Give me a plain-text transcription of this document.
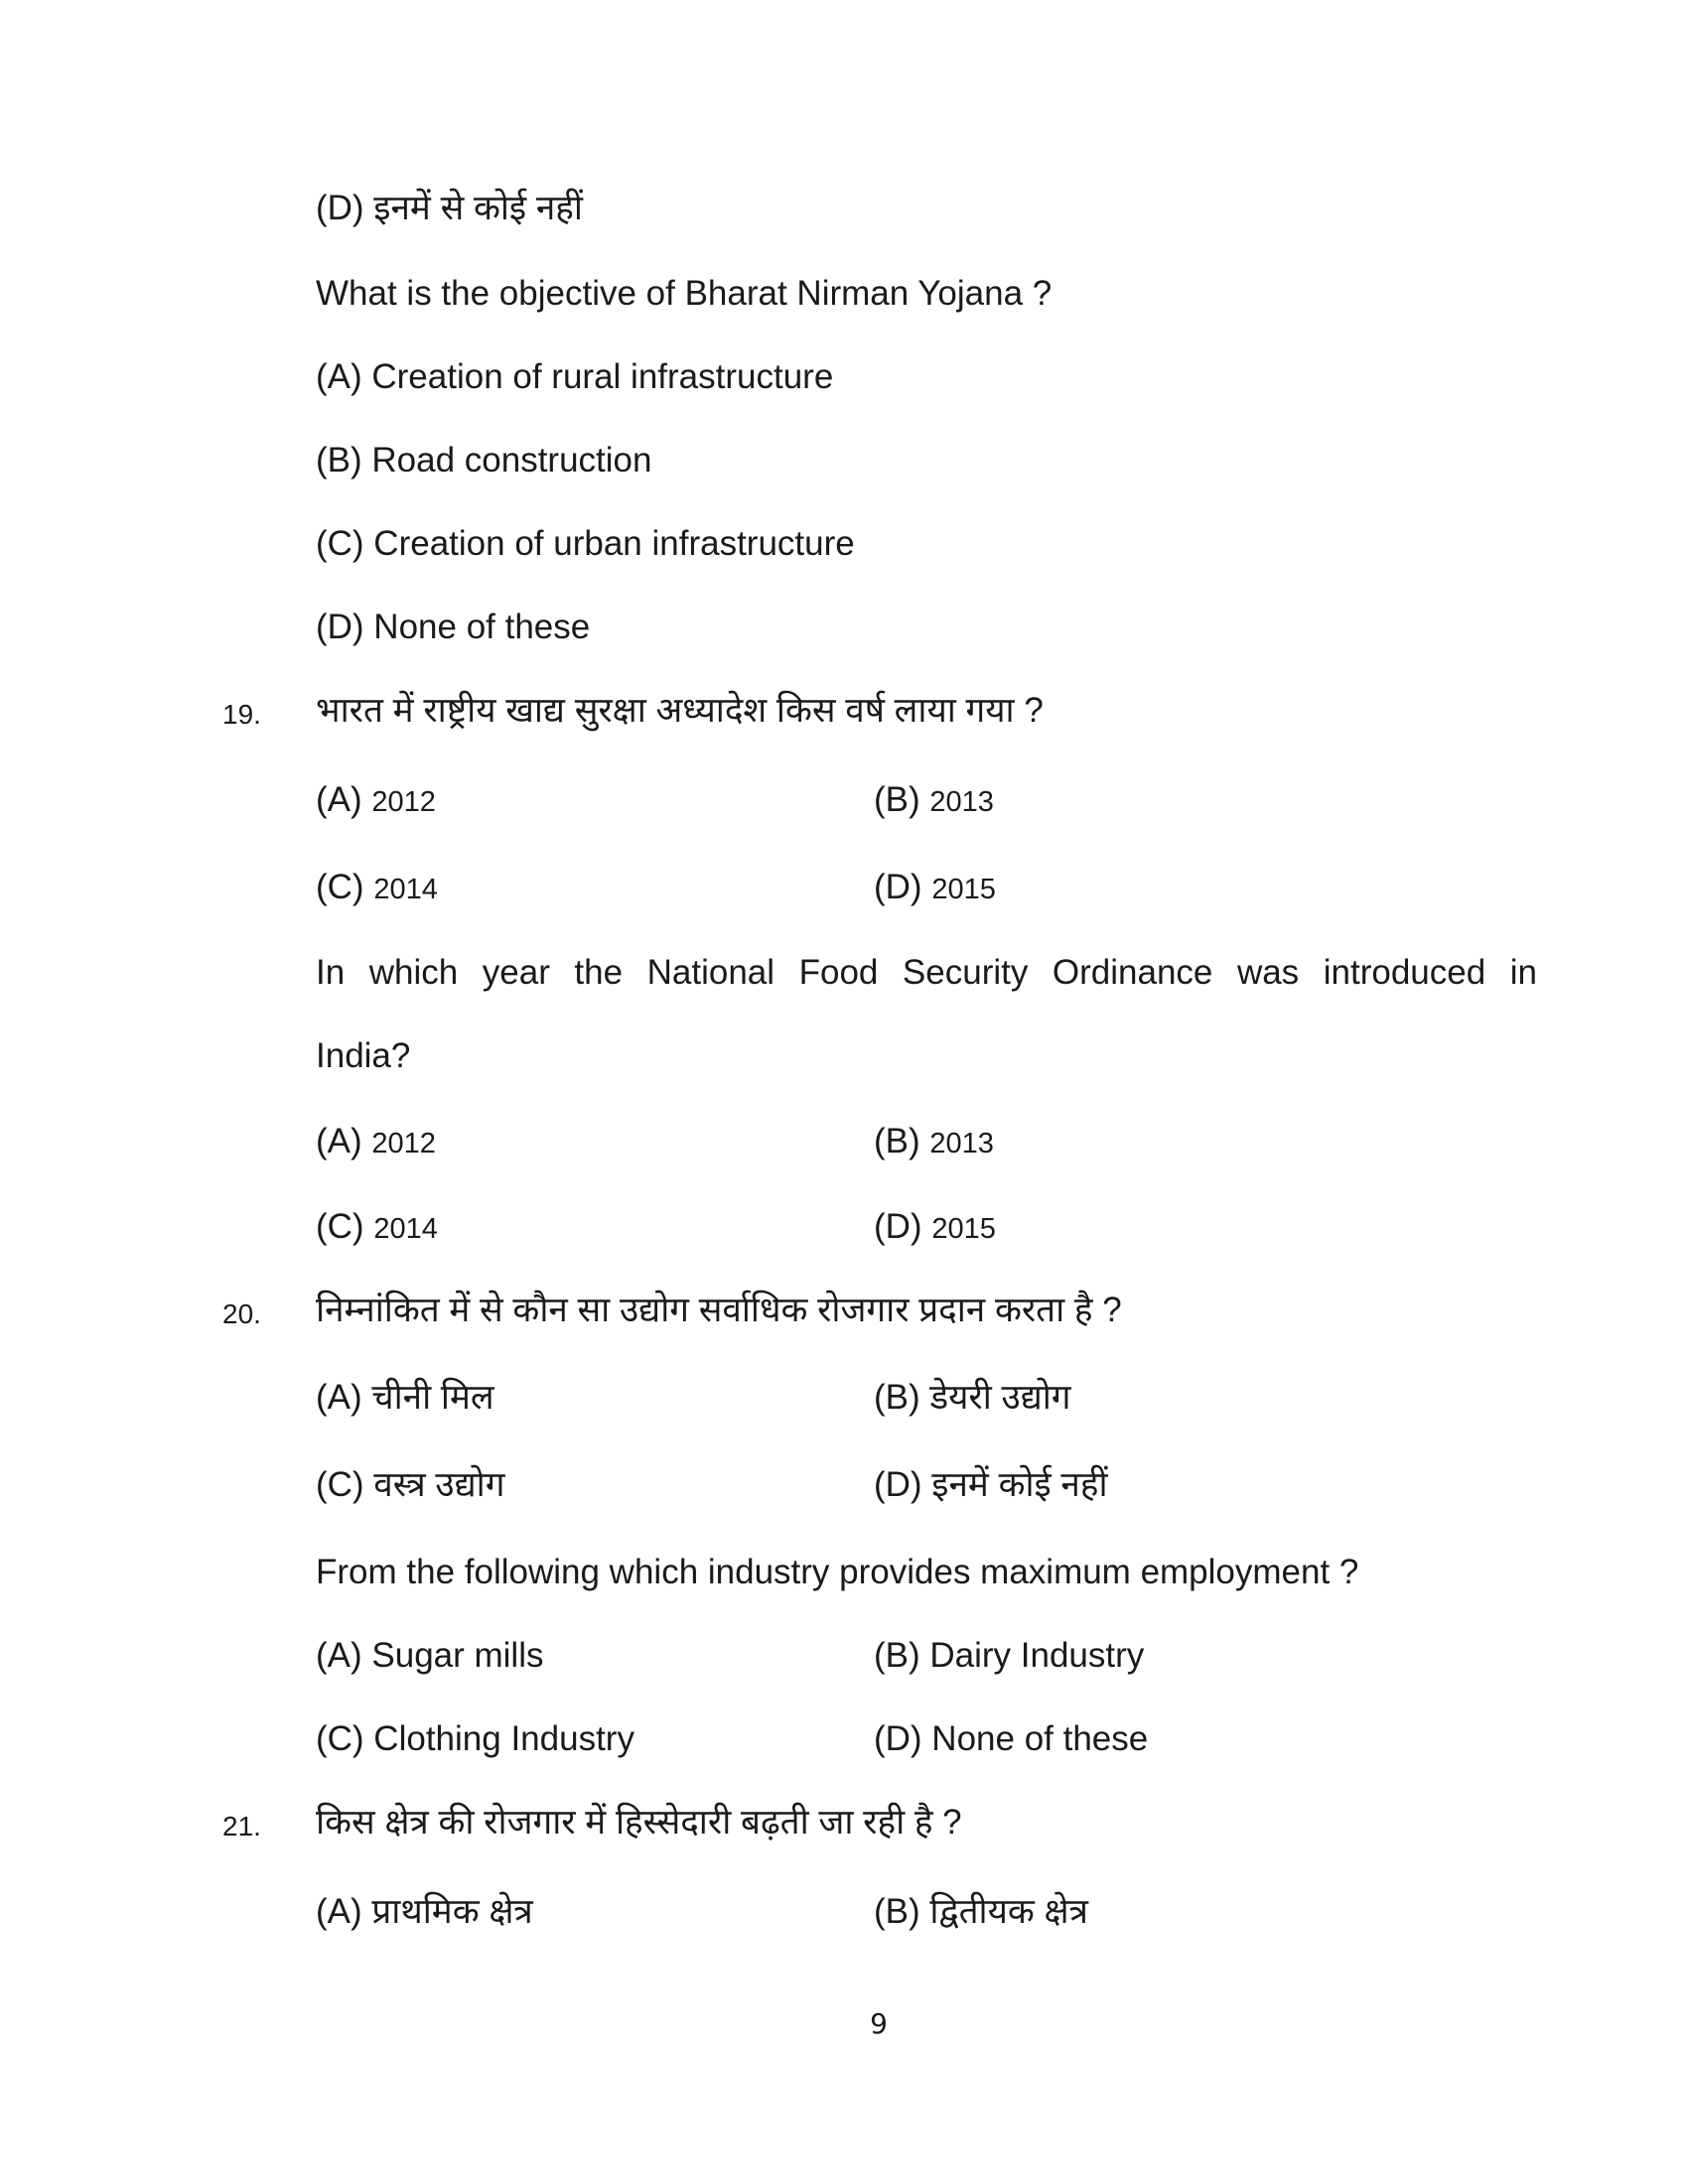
(D) इनमें से कोई नहीं
What is the objective of Bharat Nirman Yojana ?
(A) Creation of rural infrastructure
(B) Road construction
(C) Creation of urban infrastructure
(D) None of these
19. भारत में राष्ट्रीय खाद्य सुरक्षा अध्यादेश किस वर्ष लाया गया ?
(A) 2012	(B) 2013
(C) 2014	(D) 2015
In which year the National Food Security Ordinance was introduced in
India?
(A) 2012	(B) 2013
(C) 2014	(D) 2015
20. निम्नांकित में से कौन सा उद्योग सर्वाधिक रोजगार प्रदान करता है ?
(A) चीनी मिल	(B) डेयरी उद्योग
(C) वस्त्र उद्योग	(D) इनमें कोई नहीं
From the following which industry provides maximum employment ?
(A) Sugar mills	(B) Dairy Industry
(C) Clothing Industry	(D) None of these
21. किस क्षेत्र की रोजगार में हिस्सेदारी बढ़ती जा रही है ?
(A) प्राथमिक क्षेत्र	(B) द्वितीयक क्षेत्र
9
